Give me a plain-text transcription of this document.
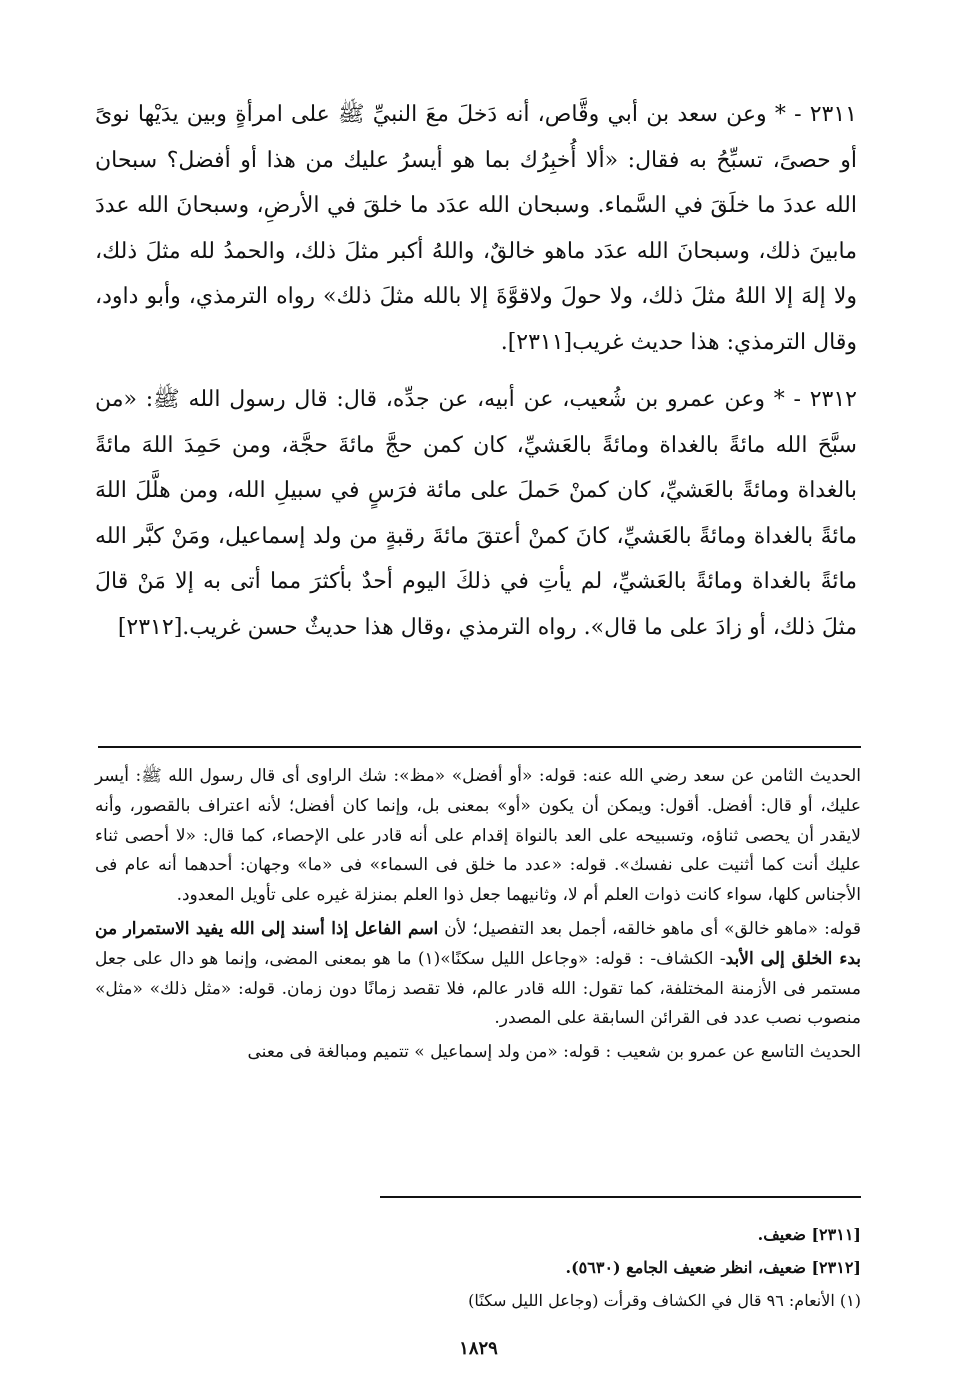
٢٣١١ - * وعن سعد بن أبي وقَّاص، أنه دَخلَ معَ النبيِّ ﷺ على امرأةٍ وبين يدَيْها نوىً أو حصىً، تسبِّحُ به فقال: «ألا أُخبِرُك بما هو أيسرُ عليك من هذا أو أفضل؟ سبحان الله عددَ ما خلَقَ في السَّماء. وسبحان الله عدَد ما خلقَ في الأرضِ، وسبحانَ الله عددَ مابينَ ذلك، وسبحانَ الله عدَد ماهو خالقٌ، واللهُ أكبر مثلَ ذلك، والحمدُ لله مثلَ ذلك، ولا إلهَ إلا اللهُ مثلَ ذلك، ولا حولَ ولاقوَّةَ إلا بالله مثلَ ذلك» رواه الترمذي، وأبو داود، وقال الترمذي: هذا حديث غريب[٢٣١١].

٢٣١٢ - * وعن عمرو بن شُعيب، عن أبيه، عن جدِّه، قال: قال رسول الله ﷺ: «من سبَّحَ الله مائةً بالغداة ومائةً بالعَشيِّ، كان كمن حجَّ مائةَ حجَّة، ومن حَمِدَ اللهَ مائةً بالغداة ومائةً بالعَشيِّ، كان كمنْ حَملَ على مائة فرَسٍ في سبيلِ الله، ومن هلَّلَ اللهَ مائةً بالغداة ومائةً بالعَشيِّ، كانَ كمنْ أعتقَ مائةَ رقبةٍ من ولد إسماعيل، ومَنْ كبَّر الله مائةً بالغداة ومائةً بالعَشيِّ، لم يأتِ في ذلكَ اليوم أحدٌ بأكثرَ مما أتى به إلا مَنْ قالَ مثلَ ذلك، أو زادَ على ما قال». رواه الترمذي ،وقال هذا حديثٌ حسن غريب.[٢٣١٢]

الحديث الثامن عن سعد رضي الله عنه: قوله: «أو أفضل» «مظ»: شك الراوى أى قال رسول الله ﷺ: أيسر عليك، أو قال: أفضل. أقول: ويمكن أن يكون «أو» بمعنى بل، وإنما كان أفضل؛ لأنه اعتراف بالقصور، وأنه لايقدر أن يحصى ثناؤه، وتسبيحه على العد بالنواة إقدام على أنه قادر على الإحصاء، كما قال: «لا أحصى ثناء عليك أنت كما أثنيت على نفسك». قوله: «عدد ما خلق فى السماء» فى «ما» وجهان: أحدهما أنه عام فى الأجناس كلها، سواء كانت ذوات العلم أم لا، وثانيهما جعل ذوا العلم بمنزلة غيره على تأويل المعدود.

قوله: «ماهو خالق» أى ماهو خالقه، أجمل بعد التفصيل؛ لأن اسم الفاعل إذا أسند إلى الله يفيد الاستمرار من بدء الخلق إلى الأبد- الكشاف- : قوله: «وجاعل الليل سكنًا»(١) ما هو بمعنى المضى، وإنما هو دال على جعل مستمر فى الأزمنة المختلفة، كما تقول: الله قادر عالم، فلا تقصد زمانًا دون زمان. قوله: «مثل ذلك» «مثل» منصوب نصب عدد فى القرائن السابقة على المصدر.

الحديث التاسع عن عمرو بن شعيب : قوله: «من ولد إسماعيل » تتميم ومبالغة فى معنى

[٢٣١١] ضعيف.
[٢٣١٢] ضعيف، انظر ضعيف الجامع (٥٦٣٠).
(١) الأنعام: ٩٦ قال في الكشاف وقرأت (وجاعل الليل سكنًا)
١٨٢٩
